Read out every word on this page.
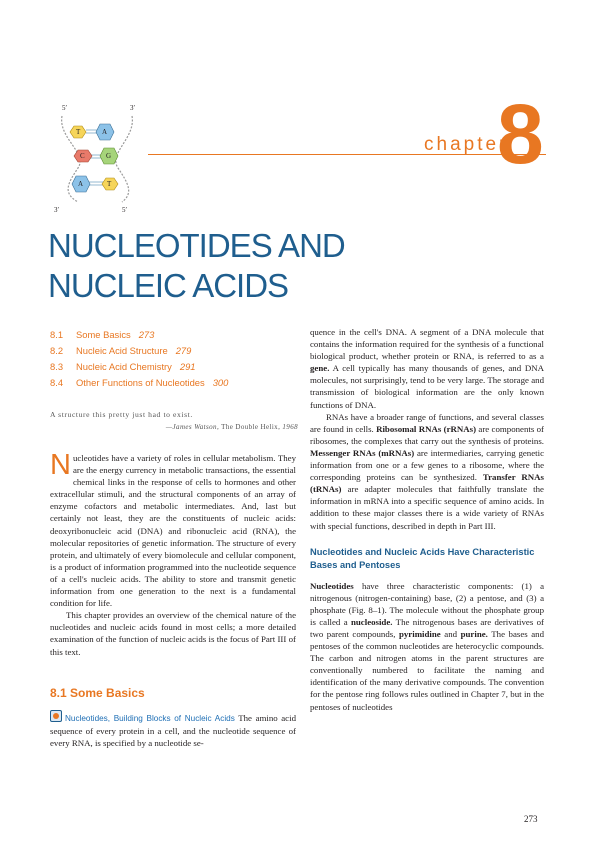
5′	3′
3′	5′
T	A
C	G
A	T
chapter
8
NUCLEOTIDES AND
NUCLEIC ACIDS
8.1	Some Basics 273
8.2	Nucleic Acid Structure 279
8.3	Nucleic Acid Chemistry 291
8.4	Other Functions of Nucleotides 300
A structure this pretty just had to exist.
—James Watson, The Double Helix, 1968

Nucleotides have a variety of roles in cellular metabolism. They are the energy currency in metabolic transactions, the essential chemical links in the response of cells to hormones and other extracellular stimuli, and the structural components of an array of enzyme cofactors and metabolic intermediates. And, last but certainly not least, they are the constituents of nucleic acids: deoxyribonucleic acid (DNA) and ribonucleic acid (RNA), the molecular repositories of genetic information. The structure of every protein, and ultimately of every biomolecule and cellular component, is a product of information programmed into the nucleotide sequence of a cell's nucleic acids. The ability to store and transmit genetic information from one generation to the next is a fundamental condition for life.

This chapter provides an overview of the chemical nature of the nucleotides and nucleic acids found in most cells; a more detailed examination of the function of nucleic acids is the focus of Part III of this text.

8.1 Some Basics

Nucleotides, Building Blocks of Nucleic Acids The amino acid sequence of every protein in a cell, and the nucleotide sequence of every RNA, is specified by a nucleotide se-

quence in the cell's DNA. A segment of a DNA molecule that contains the information required for the synthesis of a functional biological product, whether protein or RNA, is referred to as a gene. A cell typically has many thousands of genes, and DNA molecules, not surprisingly, tend to be very large. The storage and transmission of biological information are the only known functions of DNA.

RNAs have a broader range of functions, and several classes are found in cells. Ribosomal RNAs (rRNAs) are components of ribosomes, the complexes that carry out the synthesis of proteins. Messenger RNAs (mRNAs) are intermediaries, carrying genetic information from one or a few genes to a ribosome, where the corresponding proteins can be synthesized. Transfer RNAs (tRNAs) are adapter molecules that faithfully translate the information in mRNA into a specific sequence of amino acids. In addition to these major classes there is a wide variety of RNAs with special functions, described in depth in Part III.

Nucleotides and Nucleic Acids Have Characteristic Bases and Pentoses

Nucleotides have three characteristic components: (1) a nitrogenous (nitrogen-containing) base, (2) a pentose, and (3) a phosphate (Fig. 8–1). The molecule without the phosphate group is called a nucleoside. The nitrogenous bases are derivatives of two parent compounds, pyrimidine and purine. The bases and pentoses of the common nucleotides are heterocyclic compounds. The carbon and nitrogen atoms in the parent structures are conventionally numbered to facilitate the naming and identification of the many derivative compounds. The convention for the pentose ring follows rules outlined in Chapter 7, but in the pentoses of nucleotides

273
